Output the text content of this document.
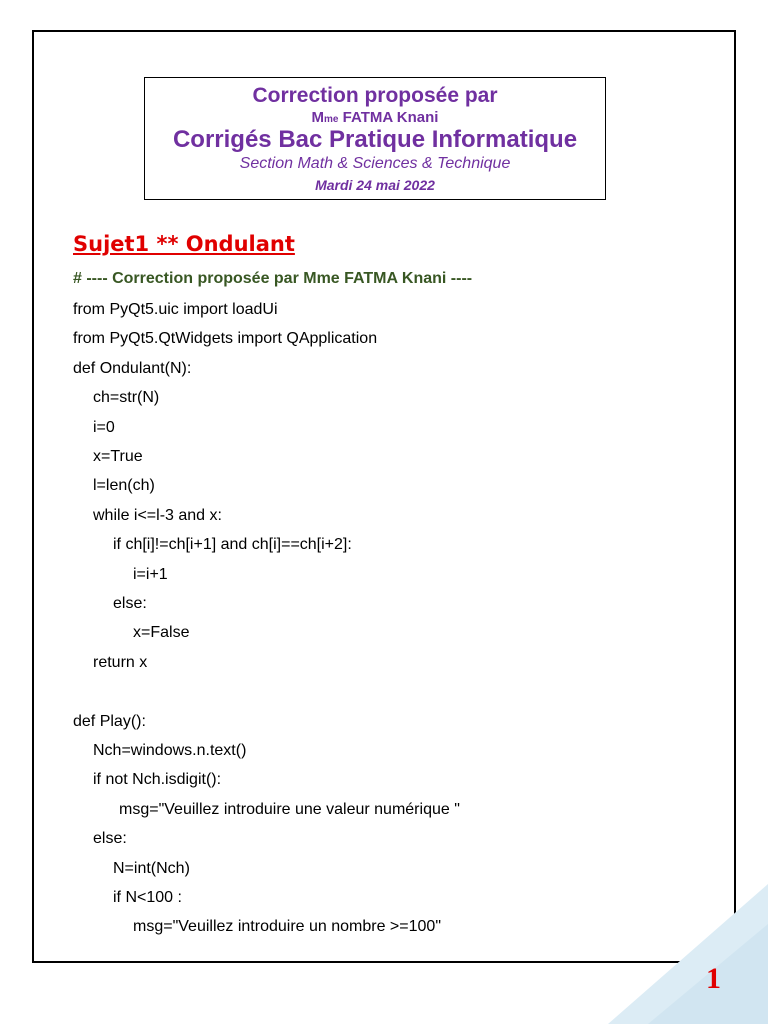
1
Correction proposée par
Mme FATMA Knani
Corrigés Bac Pratique Informatique
Section Math & Sciences & Technique
Mardi 24 mai 2022
Sujet1 ** Ondulant
# ---- Correction proposée par Mme FATMA Knani ----
from PyQt5.uic import loadUi
from PyQt5.QtWidgets import QApplication
def Ondulant(N):
ch=str(N)
i=0
x=True
l=len(ch)
while i<=l-3 and x:
if ch[i]!=ch[i+1] and ch[i]==ch[i+2]:
i=i+1
else:
x=False
return x
def Play():
Nch=windows.n.text()
if not Nch.isdigit():
msg="Veuillez introduire une valeur numérique "
else:
N=int(Nch)
if N<100 :
msg="Veuillez introduire un nombre >=100"
